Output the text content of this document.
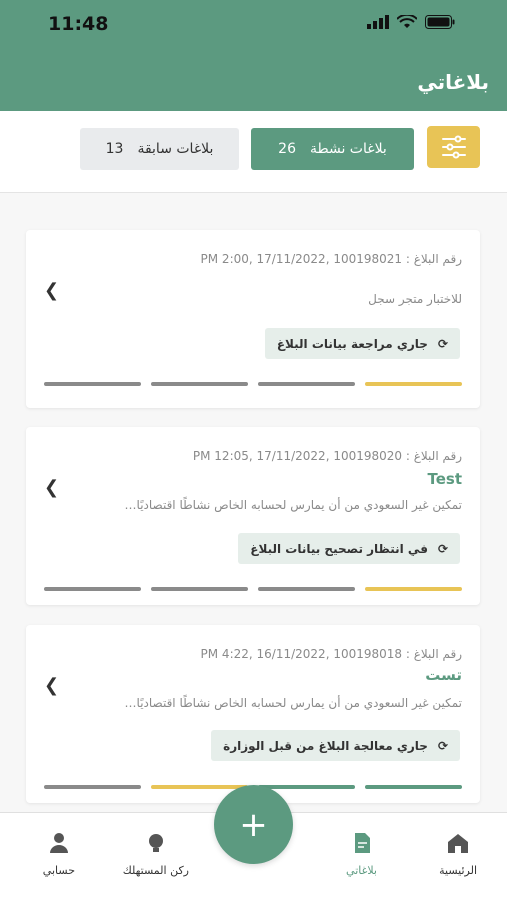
11:48
بلاغاتي
26 بلاغات نشطة
13 بلاغات سابقة
رقم البلاغ : 100198021 ,17/11/2022 ,PM 2:00
للاختبار متجر سجل
❮
⟳
جاري مراجعة بيانات البلاغ
رقم البلاغ : 100198020 ,17/11/2022 ,PM 12:05
Test
تمكين غير السعودي من أن يمارس لحسابه الخاص نشاطًا اقتصاديًا…
❮
⟳
في انتظار تصحيح بيانات البلاغ
رقم البلاغ : 100198018 ,16/11/2022 ,PM 4:22
تست
تمكين غير السعودي من أن يمارس لحسابه الخاص نشاطًا اقتصاديًا…
❮
⟳
جاري معالجة البلاغ من قبل الوزارة
الرئيسية
بلاغاتي
ركن المستهلك
حسابي
+
